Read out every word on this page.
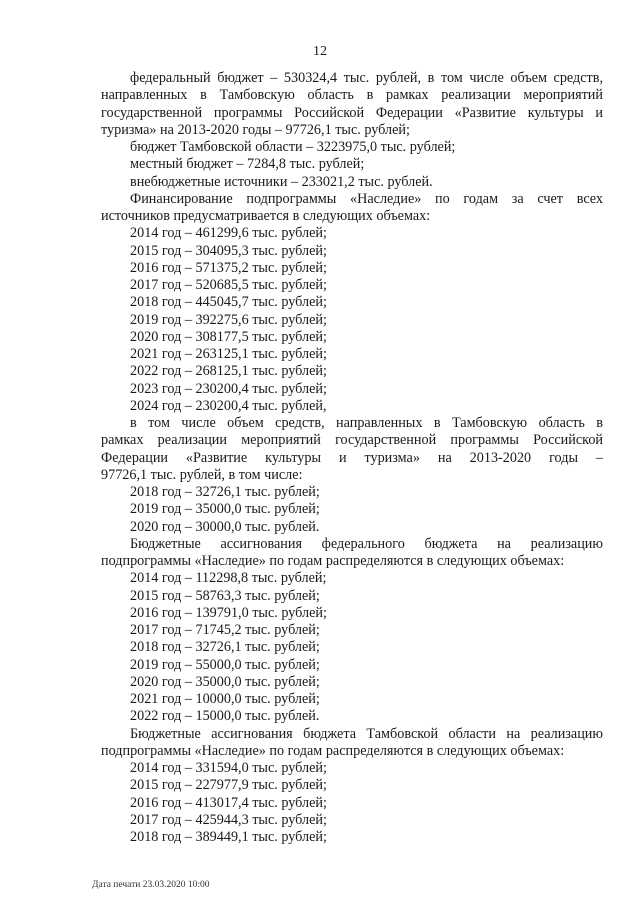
12

федеральный бюджет – 530324,4 тыс. рублей, в том числе объем средств,

направленных в Тамбовскую область в рамках реализации мероприятий

государственной программы Российской Федерации «Развитие культуры и

туризма» на 2013-2020 годы – 97726,1 тыс. рублей;

бюджет Тамбовской области – 3223975,0 тыс. рублей;

местный бюджет – 7284,8 тыс. рублей;

внебюджетные источники – 233021,2 тыс. рублей.

Финансирование подпрограммы «Наследие» по годам за счет всех

источников предусматривается в следующих объемах:

2014 год – 461299,6 тыс. рублей;

2015 год – 304095,3 тыс. рублей;

2016 год – 571375,2 тыс. рублей;

2017 год – 520685,5 тыс. рублей;

2018 год – 445045,7 тыс. рублей;

2019 год – 392275,6 тыс. рублей;

2020 год – 308177,5 тыс. рублей;

2021 год – 263125,1 тыс. рублей;

2022 год – 268125,1 тыс. рублей;

2023 год – 230200,4 тыс. рублей;

2024 год – 230200,4 тыс. рублей,

в том числе объем средств, направленных в Тамбовскую область в

рамках реализации мероприятий государственной программы Российской

Федерации «Развитие культуры и туризма» на 2013-2020 годы –

97726,1 тыс. рублей, в том числе:

2018 год – 32726,1 тыс. рублей;

2019 год – 35000,0 тыс. рублей;

2020 год – 30000,0 тыс. рублей.

Бюджетные ассигнования федерального бюджета на реализацию

подпрограммы «Наследие» по годам распределяются в следующих объемах:

2014 год – 112298,8 тыс. рублей;

2015 год – 58763,3 тыс. рублей;

2016 год – 139791,0 тыс. рублей;

2017 год – 71745,2 тыс. рублей;

2018 год – 32726,1 тыс. рублей;

2019 год – 55000,0 тыс. рублей;

2020 год – 35000,0 тыс. рублей;

2021 год – 10000,0 тыс. рублей;

2022 год – 15000,0 тыс. рублей.

Бюджетные ассигнования бюджета Тамбовской области на реализацию

подпрограммы «Наследие» по годам распределяются в следующих объемах:

2014 год – 331594,0 тыс. рублей;

2015 год – 227977,9 тыс. рублей;

2016 год – 413017,4 тыс. рублей;

2017 год – 425944,3 тыс. рублей;

2018 год – 389449,1 тыс. рублей;

Дата печати 23.03.2020 10:00
